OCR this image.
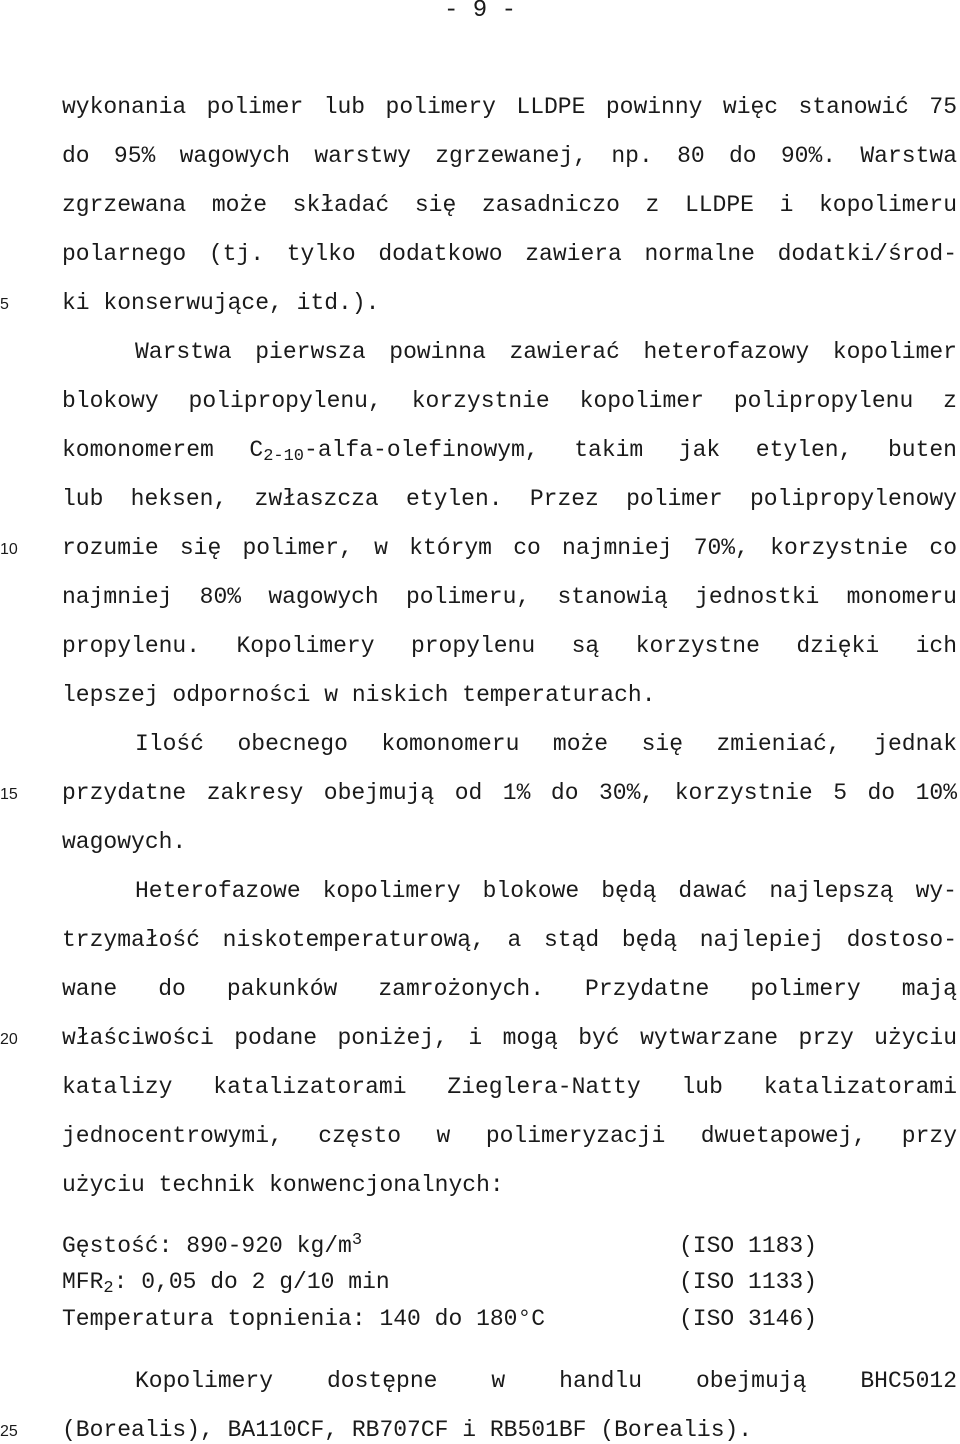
- 9 -
5
10
15
20
25
wykonania polimer lub polimery LLDPE powinny więc stanowić 75
do 95% wagowych warstwy zgrzewanej, np. 80 do 90%. Warstwa
zgrzewana może składać się zasadniczo z LLDPE i kopolimeru
polarnego (tj. tylko dodatkowo zawiera normalne dodatki/środ-
ki konserwujące, itd.).
Warstwa pierwsza powinna zawierać heterofazowy kopolimer
blokowy polipropylenu, korzystnie kopolimer polipropylenu z
komonomerem $C_{2-10}-alfa$-olefinowym, takim jak etylen, buten
lub heksen, zwłaszcza etylen. Przez polimer polipropylenowy
rozumie się polimer, w którym co najmniej 70%, korzystnie co
najmniej 80% wagowych polimeru, stanowią jednostki monomeru
propylenu. Kopolimery propylenu są korzystne dzięki ich
lepszej odporności w niskich temperaturach.
Ilość obecnego komonomeru może się zmieniać, jednak
przydatne zakresy obejmują od 1% do 30%, korzystnie 5 do 10%
wagowych.
Heterofazowe kopolimery blokowe będą dawać najlepszą wy-
trzymałość niskotemperaturową, a stąd będą najlepiej dostoso-
wane do pakunków zamrożonych. Przydatne polimery mają
właściwości podane poniżej, i mogą być wytwarzane przy użyciu
katalizy katalizatorami Zieglera-Natty lub katalizatorami
jednocentrowymi, często w polimeryzacji dwuetapowej, przy
użyciu technik konwencjonalnych:
Gęstość: 890-920 $kg/m^3$	(ISO 1183)
$MFR_2$: 0,05 do 2 g/10 min	(ISO 1133)
Temperatura topnienia: 140 do 180°C	(ISO 3146)
Kopolimery dostępne w handlu obejmują BHC5012
(Borealis), BA110CF, RB707CF i RB501BF (Borealis).
